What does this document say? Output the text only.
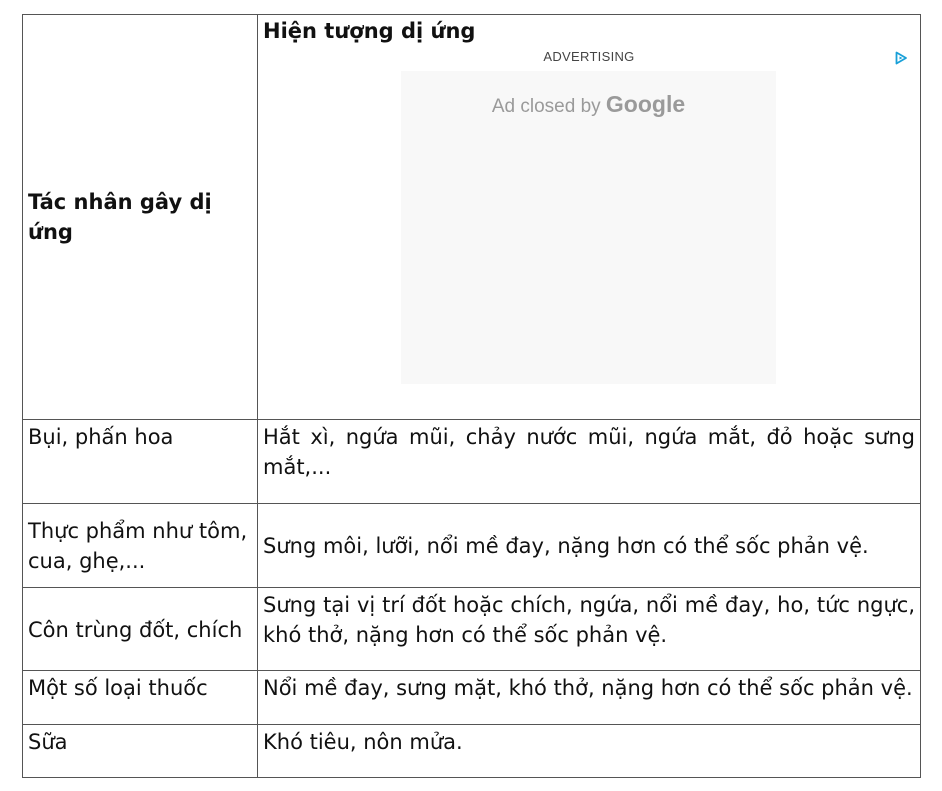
Tác nhân gây dị ứng	Hiện tượng dị ứng
ADVERTISING
Ad closed by Google

Bụi, phấn hoa	Hắt xì, ngứa mũi, chảy nước mũi, ngứa mắt, đỏ hoặc sưng mắt,...
Thực phẩm như tôm, cua, ghẹ,...	Sưng môi, lưỡi, nổi mề đay, nặng hơn có thể sốc phản vệ.
Côn trùng đốt, chích	Sưng tại vị trí đốt hoặc chích, ngứa, nổi mề đay, ho, tức ngực, khó thở, nặng hơn có thể sốc phản vệ.
Một số loại thuốc	Nổi mề đay, sưng mặt, khó thở, nặng hơn có thể sốc phản vệ.
Sữa	Khó tiêu, nôn mửa.
